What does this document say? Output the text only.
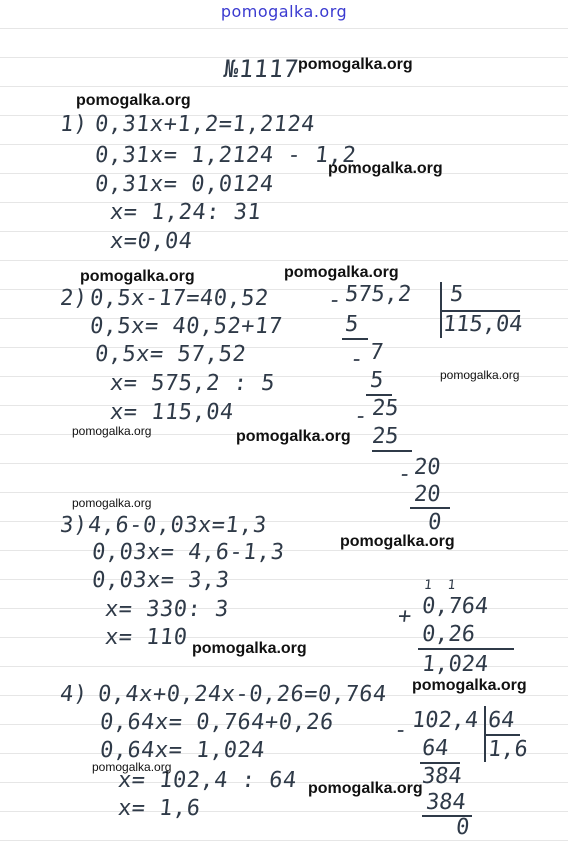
pomogalka.org
№1117
1) 0,31x+1,2=1,2124
0,31x= 1,2124 - 1,2
0,31x= 0,0124
x= 1,24: 31
x=0,04
2) 0,5x-17=40,52
0,5x= 40,52+17
0,5x= 57,52
x= 575,2 : 5
x= 115,04
- 575,2 5
115,04
5
- 7
5
- 25
25
- 20
20
0
3)
4,6-0,03x=1,3
0,03x= 4,6-1,3
0,03x= 3,3
x= 330: 3
x= 110
1  1
+ 0,764
0,26
1,024
4) 0,4x+0,24x-0,26=0,764
0,64x= 0,764+0,26
0,64x= 1,024
x= 102,4 : 64
x= 1,6
- 102,4 64
1,6
64
384
384
0
pomogalka.org
pomogalka.org
pomogalka.org
pomogalka.org	pomogalka.org
pomogalka.org
pomogalka.org	pomogalka.org
pomogalka.org
pomogalka.org
pomogalka.org
pomogalka.org
pomogalka.org
pomogalka.org
